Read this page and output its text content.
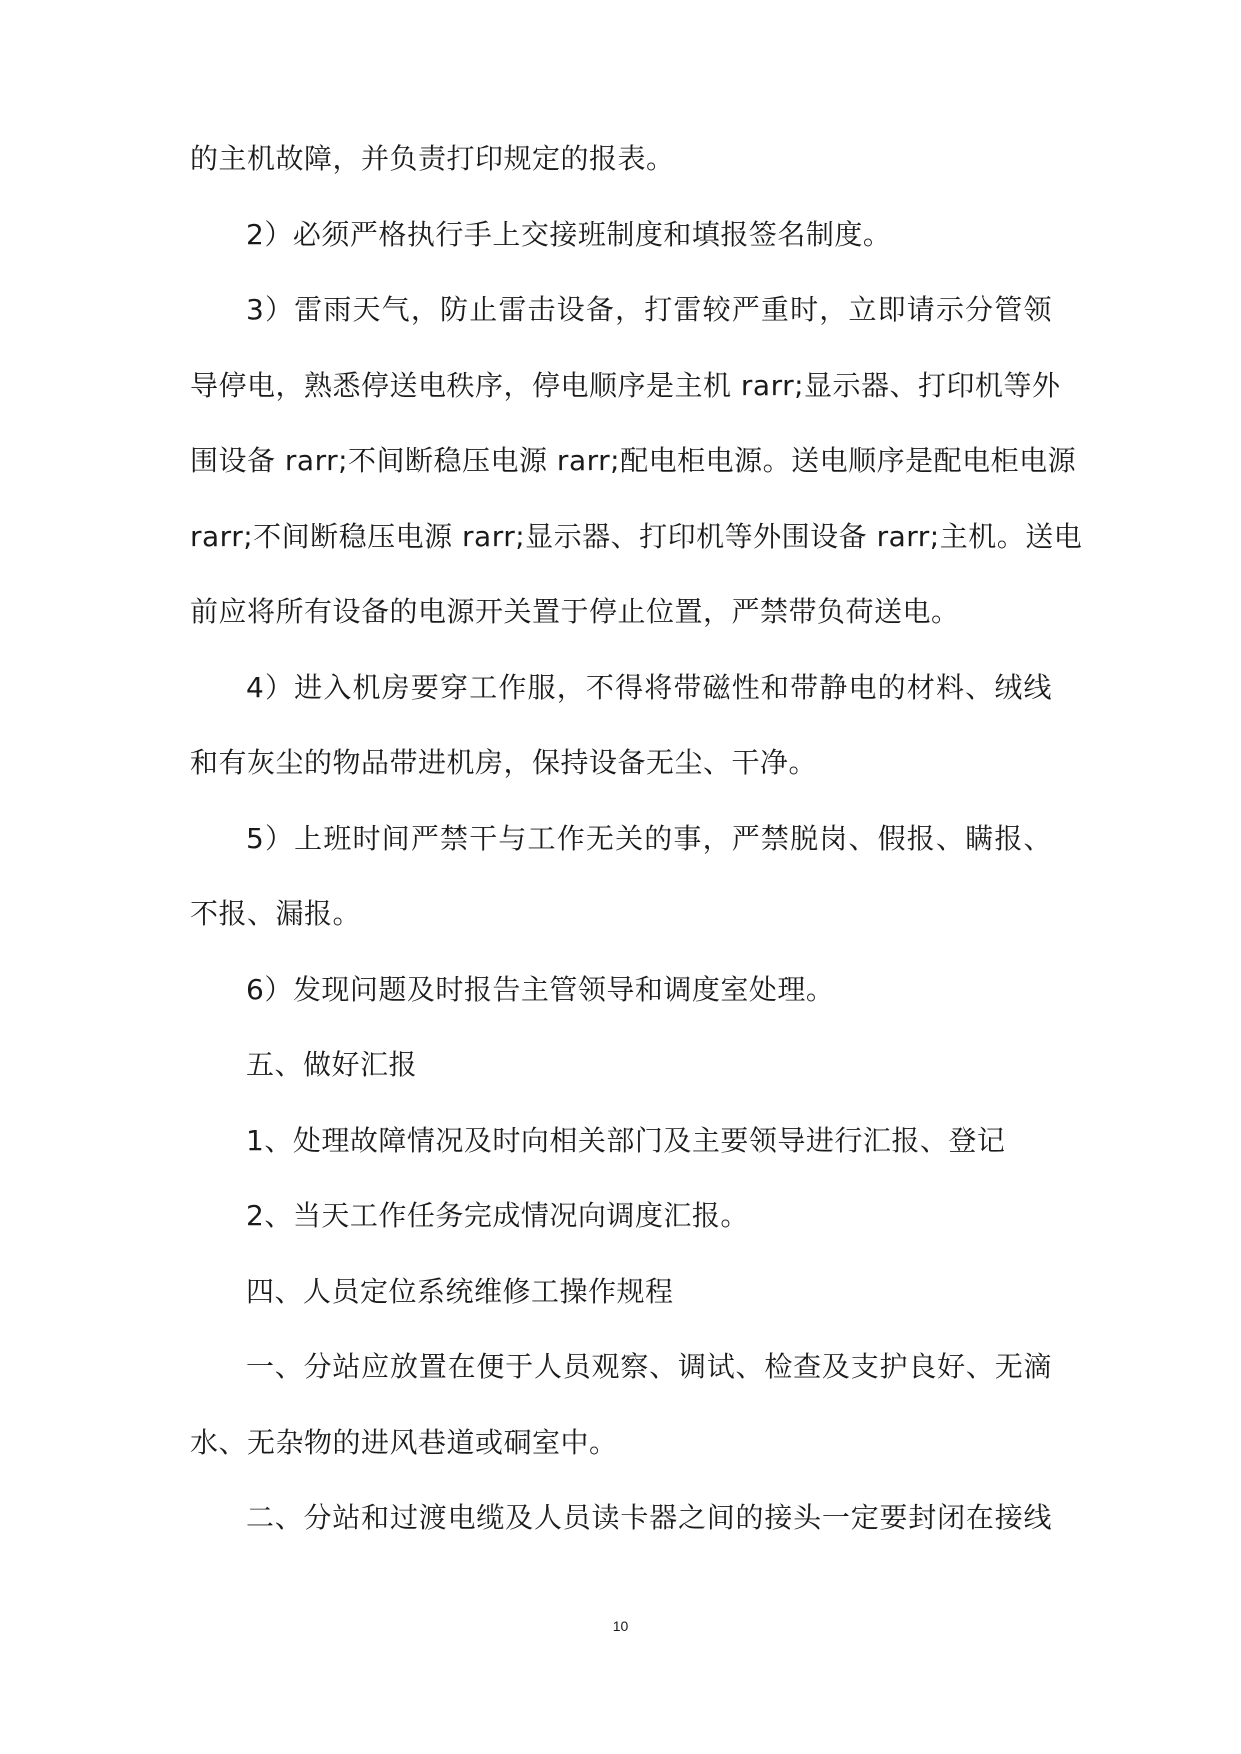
的主机故障，并负责打印规定的报表。
2）必须严格执行手上交接班制度和填报签名制度。
3）雷雨天气，防止雷击设备，打雷较严重时，立即请示分管领
导停电，熟悉停送电秩序，停电顺序是主机 rarr;显示器、打印机等外
围设备 rarr;不间断稳压电源 rarr;配电柜电源。送电顺序是配电柜电源
rarr;不间断稳压电源 rarr;显示器、打印机等外围设备 rarr;主机。送电
前应将所有设备的电源开关置于停止位置，严禁带负荷送电。
4）进入机房要穿工作服，不得将带磁性和带静电的材料、绒线
和有灰尘的物品带进机房，保持设备无尘、干净。
5）上班时间严禁干与工作无关的事，严禁脱岗、假报、瞒报、
不报、漏报。
6）发现问题及时报告主管领导和调度室处理。
五、做好汇报
1、处理故障情况及时向相关部门及主要领导进行汇报、登记
2、当天工作任务完成情况向调度汇报。
四、人员定位系统维修工操作规程
一、分站应放置在便于人员观察、调试、检查及支护良好、无滴
水、无杂物的进风巷道或硐室中。
二、分站和过渡电缆及人员读卡器之间的接头一定要封闭在接线
10
